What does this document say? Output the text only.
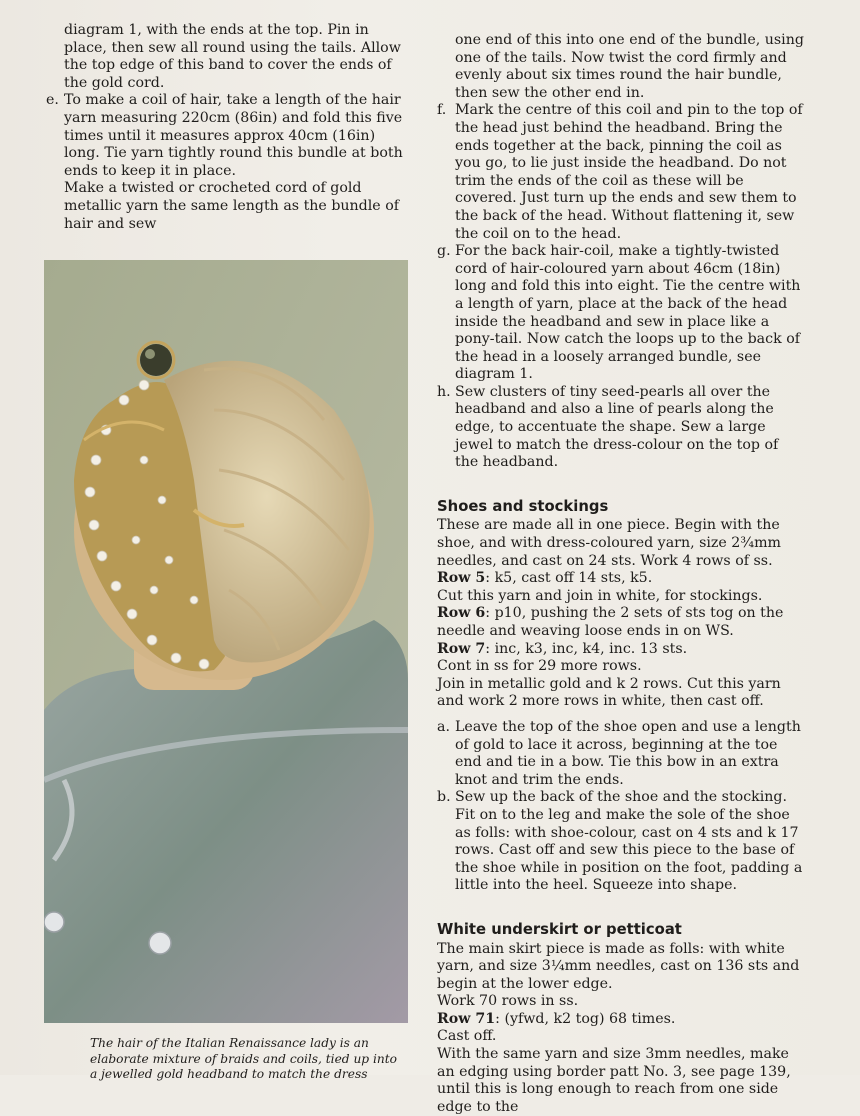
diagram 1, with the ends at the top. Pin in place, then sew all round using the tails. Allow the top edge of this band to cover the ends of the gold cord.

e. To make a coil of hair, take a length of the hair yarn measuring 220cm (86in) and fold this five times until it measures approx 40cm (16in) long. Tie yarn tightly round this bundle at both ends to keep it in place.

Make a twisted or crocheted cord of gold metallic yarn the same length as the bundle of hair and sew

The hair of the Italian Renaissance lady is an
elaborate mixture of braids and coils, tied up into
a jewelled gold headband to match the dress

one end of this into one end of the bundle, using one of the tails. Now twist the cord firmly and evenly about six times round the hair bundle, then sew the other end in.

f. Mark the centre of this coil and pin to the top of the head just behind the headband. Bring the ends together at the back, pinning the coil as you go, to lie just inside the headband. Do not trim the ends of the coil as these will be covered. Just turn up the ends and sew them to the back of the head. Without flattening it, sew the coil on to the head.
g. For the back hair-coil, make a tightly-twisted cord of hair-coloured yarn about 46cm (18in) long and fold this into eight. Tie the centre with a length of yarn, place at the back of the head inside the headband and sew in place like a pony-tail. Now catch the loops up to the back of the head in a loosely arranged bundle, see diagram 1.
h. Sew clusters of tiny seed-pearls all over the headband and also a line of pearls along the edge, to accentuate the shape. Sew a large jewel to match the dress-colour on the top of the headband.
Shoes and stockings

These are made all in one piece. Begin with the shoe, and with dress-coloured yarn, size 2¾mm needles, and cast on 24 sts. Work 4 rows of ss.

Row 5: k5, cast off 14 sts, k5.

Cut this yarn and join in white, for stockings.

Row 6: p10, pushing the 2 sets of sts tog on the needle and weaving loose ends in on WS.

Row 7: inc, k3, inc, k4, inc. 13 sts.

Cont in ss for 29 more rows.

Join in metallic gold and k 2 rows. Cut this yarn and work 2 more rows in white, then cast off.

a. Leave the top of the shoe open and use a length of gold to lace it across, beginning at the toe end and tie in a bow. Tie this bow in an extra knot and trim the ends.
b. Sew up the back of the shoe and the stocking. Fit on to the leg and make the sole of the shoe as folls: with shoe-colour, cast on 4 sts and k 17 rows. Cast off and sew this piece to the base of the shoe while in position on the foot, padding a little into the heel. Squeeze into shape.
White underskirt or petticoat

The main skirt piece is made as folls: with white yarn, and size 3¼mm needles, cast on 136 sts and begin at the lower edge.

Work 70 rows in ss.

Row 71: (yfwd, k2 tog) 68 times.

Cast off.

With the same yarn and size 3mm needles, make an edging using border patt No. 3, see page 139, until this is long enough to reach from one side edge to the
